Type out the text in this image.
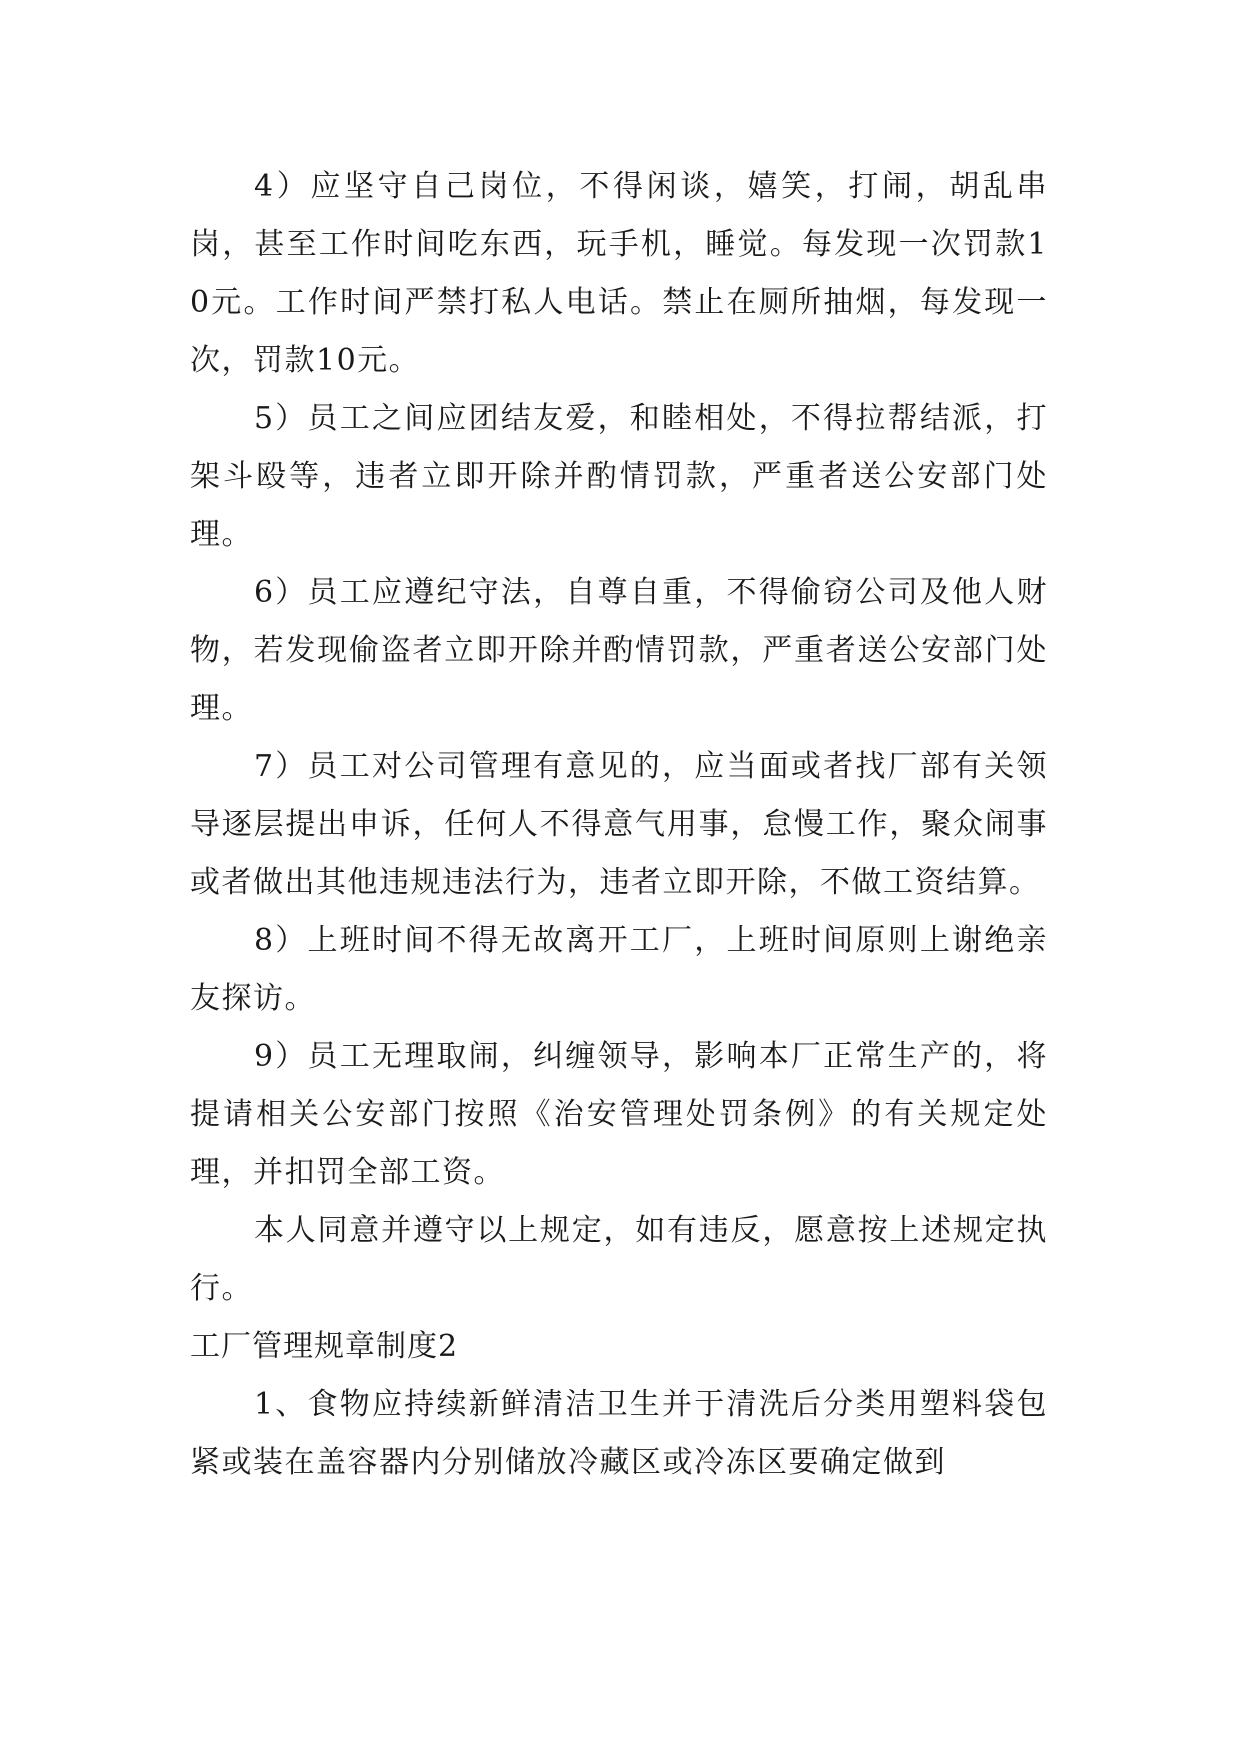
4）应坚守自己岗位，不得闲谈，嬉笑，打闹，胡乱串岗，甚至工作时间吃东西，玩手机，睡觉。每发现一次罚款10元。工作时间严禁打私人电话。禁止在厕所抽烟，每发现一次，罚款10元。

5）员工之间应团结友爱，和睦相处，不得拉帮结派，打架斗殴等，违者立即开除并酌情罚款，严重者送公安部门处理。

6）员工应遵纪守法，自尊自重，不得偷窃公司及他人财物，若发现偷盗者立即开除并酌情罚款，严重者送公安部门处理。

7）员工对公司管理有意见的，应当面或者找厂部有关领导逐层提出申诉，任何人不得意气用事，怠慢工作，聚众闹事或者做出其他违规违法行为，违者立即开除，不做工资结算。

8）上班时间不得无故离开工厂，上班时间原则上谢绝亲友探访。

9）员工无理取闹，纠缠领导，影响本厂正常生产的，将提请相关公安部门按照《治安管理处罚条例》的有关规定处理，并扣罚全部工资。

本人同意并遵守以上规定，如有违反，愿意按上述规定执行。

工厂管理规章制度2

1、食物应持续新鲜清洁卫生并于清洗后分类用塑料袋包紧或装在盖容器内分别储放冷藏区或冷冻区要确定做到
